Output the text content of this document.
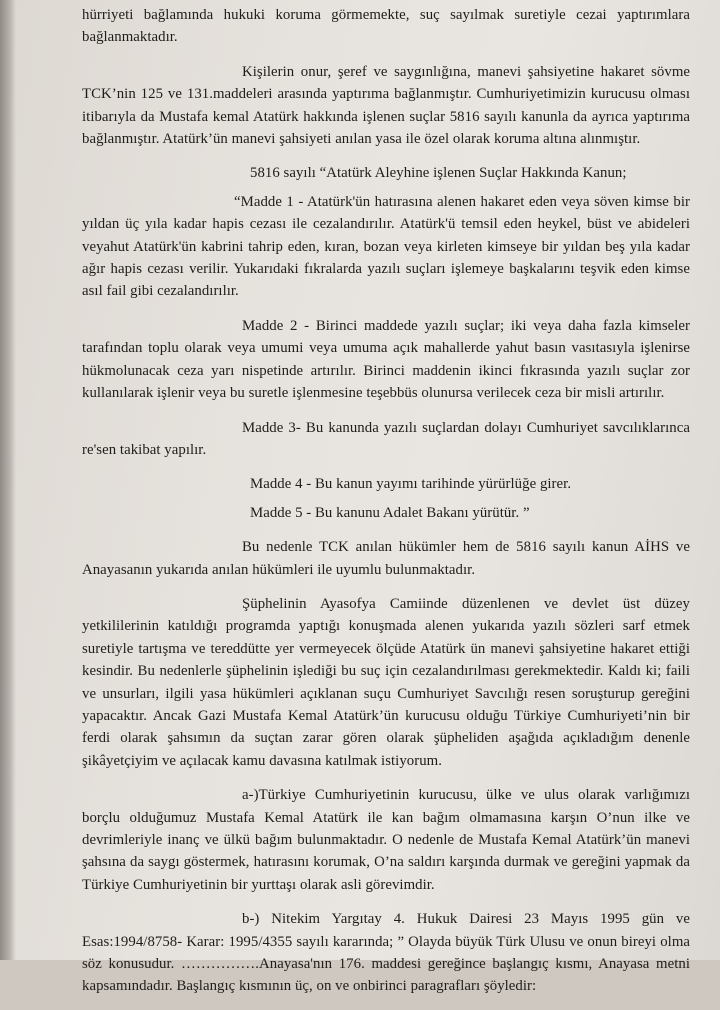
hürriyeti bağlamında hukuki koruma görmemekte, suç sayılmak suretiyle cezai yaptırımlara bağlanmaktadır.

Kişilerin onur, şeref ve saygınlığına, manevi şahsiyetine hakaret sövme TCK’nin 125 ve 131.maddeleri arasında yaptırıma bağlanmıştır. Cumhuriyetimizin kurucusu olması itibarıyla da Mustafa kemal Atatürk hakkında işlenen suçlar 5816 sayılı kanunla da ayrıca yaptırıma bağlanmıştır. Atatürk’ün manevi şahsiyeti anılan yasa ile özel olarak koruma altına alınmıştır.

5816 sayılı “Atatürk Aleyhine işlenen Suçlar Hakkında Kanun;

“Madde 1 - Atatürk'ün hatırasına alenen hakaret eden veya söven kimse bir yıldan üç yıla kadar hapis cezası ile cezalandırılır. Atatürk'ü temsil eden heykel, büst ve abideleri veyahut Atatürk'ün kabrini tahrip eden, kıran, bozan veya kirleten kimseye bir yıldan beş yıla kadar ağır hapis cezası verilir. Yukarıdaki fıkralarda yazılı suçları işlemeye başkalarını teşvik eden kimse asıl fail gibi cezalandırılır.

Madde 2 - Birinci maddede yazılı suçlar; iki veya daha fazla kimseler tarafından toplu olarak veya umumi veya umuma açık mahallerde yahut basın vasıtasıyla işlenirse hükmolunacak ceza yarı nispetinde artırılır. Birinci maddenin ikinci fıkrasında yazılı suçlar zor kullanılarak işlenir veya bu suretle işlenmesine teşebbüs olunursa verilecek ceza bir misli artırılır.

Madde 3- Bu kanunda yazılı suçlardan dolayı Cumhuriyet savcılıklarınca re'sen takibat yapılır.

Madde 4 - Bu kanun yayımı tarihinde yürürlüğe girer.

Madde 5 - Bu kanunu Adalet Bakanı yürütür. ”

Bu nedenle TCK anılan hükümler hem de 5816 sayılı kanun AİHS ve Anayasanın yukarıda anılan hükümleri ile uyumlu bulunmaktadır.

Şüphelinin Ayasofya Camiinde düzenlenen ve devlet üst düzey yetkililerinin katıldığı programda yaptığı konuşmada alenen yukarıda yazılı sözleri sarf etmek suretiyle tartışma ve tereddütte yer vermeyecek ölçüde Atatürk ün manevi şahsiyetine hakaret ettiği kesindir. Bu nedenlerle şüphelinin işlediği bu suç için cezalandırılması gerekmektedir. Kaldı ki; faili ve unsurları, ilgili yasa hükümleri açıklanan suçu Cumhuriyet Savcılığı resen soruşturup gereğini yapacaktır. Ancak Gazi Mustafa Kemal Atatürk’ün kurucusu olduğu Türkiye Cumhuriyeti’nin bir ferdi olarak şahsımın da suçtan zarar gören olarak şüpheliden aşağıda açıkladığım denenle şikâyetçiyim ve açılacak kamu davasına katılmak istiyorum.

a-)Türkiye Cumhuriyetinin kurucusu, ülke ve ulus olarak varlığımızı borçlu olduğumuz Mustafa Kemal Atatürk ile kan bağım olmamasına karşın O’nun ilke ve devrimleriyle inanç ve ülkü bağım bulunmaktadır. O nedenle de Mustafa Kemal Atatürk’ün manevi şahsına da saygı göstermek, hatırasını korumak, O’na saldırı karşında durmak ve gereğini yapmak da Türkiye Cumhuriyetinin bir yurttaşı olarak asli görevimdir.

b-) Nitekim Yargıtay 4. Hukuk Dairesi 23 Mayıs 1995 gün ve Esas:1994/8758- Karar: 1995/4355 sayılı kararında; ” Olayda büyük Türk Ulusu ve onun bireyi olma söz konusudur. …………….Anayasa'nın 176. maddesi gereğince başlangıç kısmı, Anayasa metni kapsamındadır. Başlangıç kısmının üç, on ve onbirinci paragrafları şöyledir:
